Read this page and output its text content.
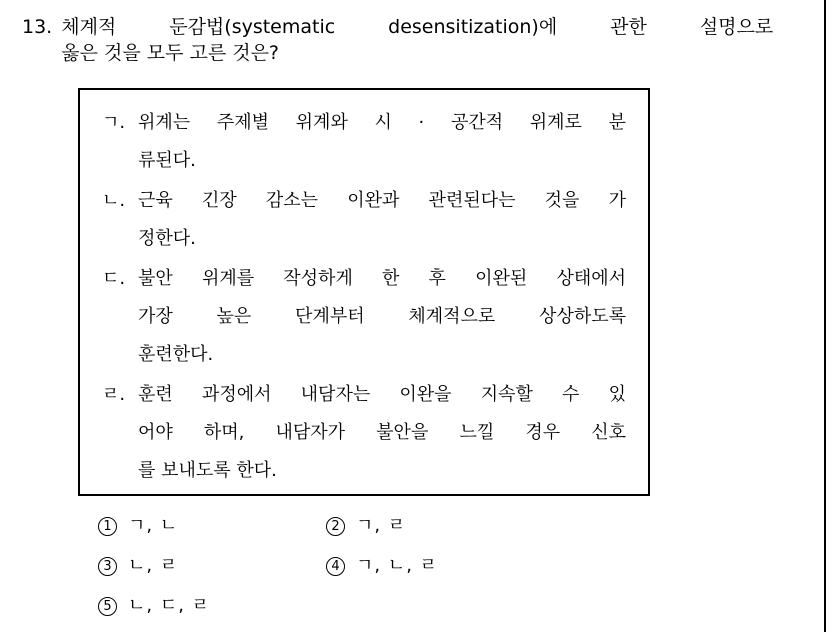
13. 체계적 둔감법(systematic desensitization)에 관한 설명으로
옳은 것을 모두 고른 것은?
ㄱ. 위계는 주제별 위계와 시 · 공간적 위계로 분
류된다.
ㄴ. 근육 긴장 감소는 이완과 관련된다는 것을 가
정한다.
ㄷ. 불안 위계를 작성하게 한 후 이완된 상태에서
가장 높은 단계부터 체계적으로 상상하도록
훈련한다.
ㄹ. 훈련 과정에서 내담자는 이완을 지속할 수 있
어야 하며, 내담자가 불안을 느낄 경우 신호
를 보내도록 한다.
1 ㄱ, ㄴ	2 ㄱ, ㄹ
3 ㄴ, ㄹ	4 ㄱ, ㄴ, ㄹ
5 ㄴ, ㄷ, ㄹ
